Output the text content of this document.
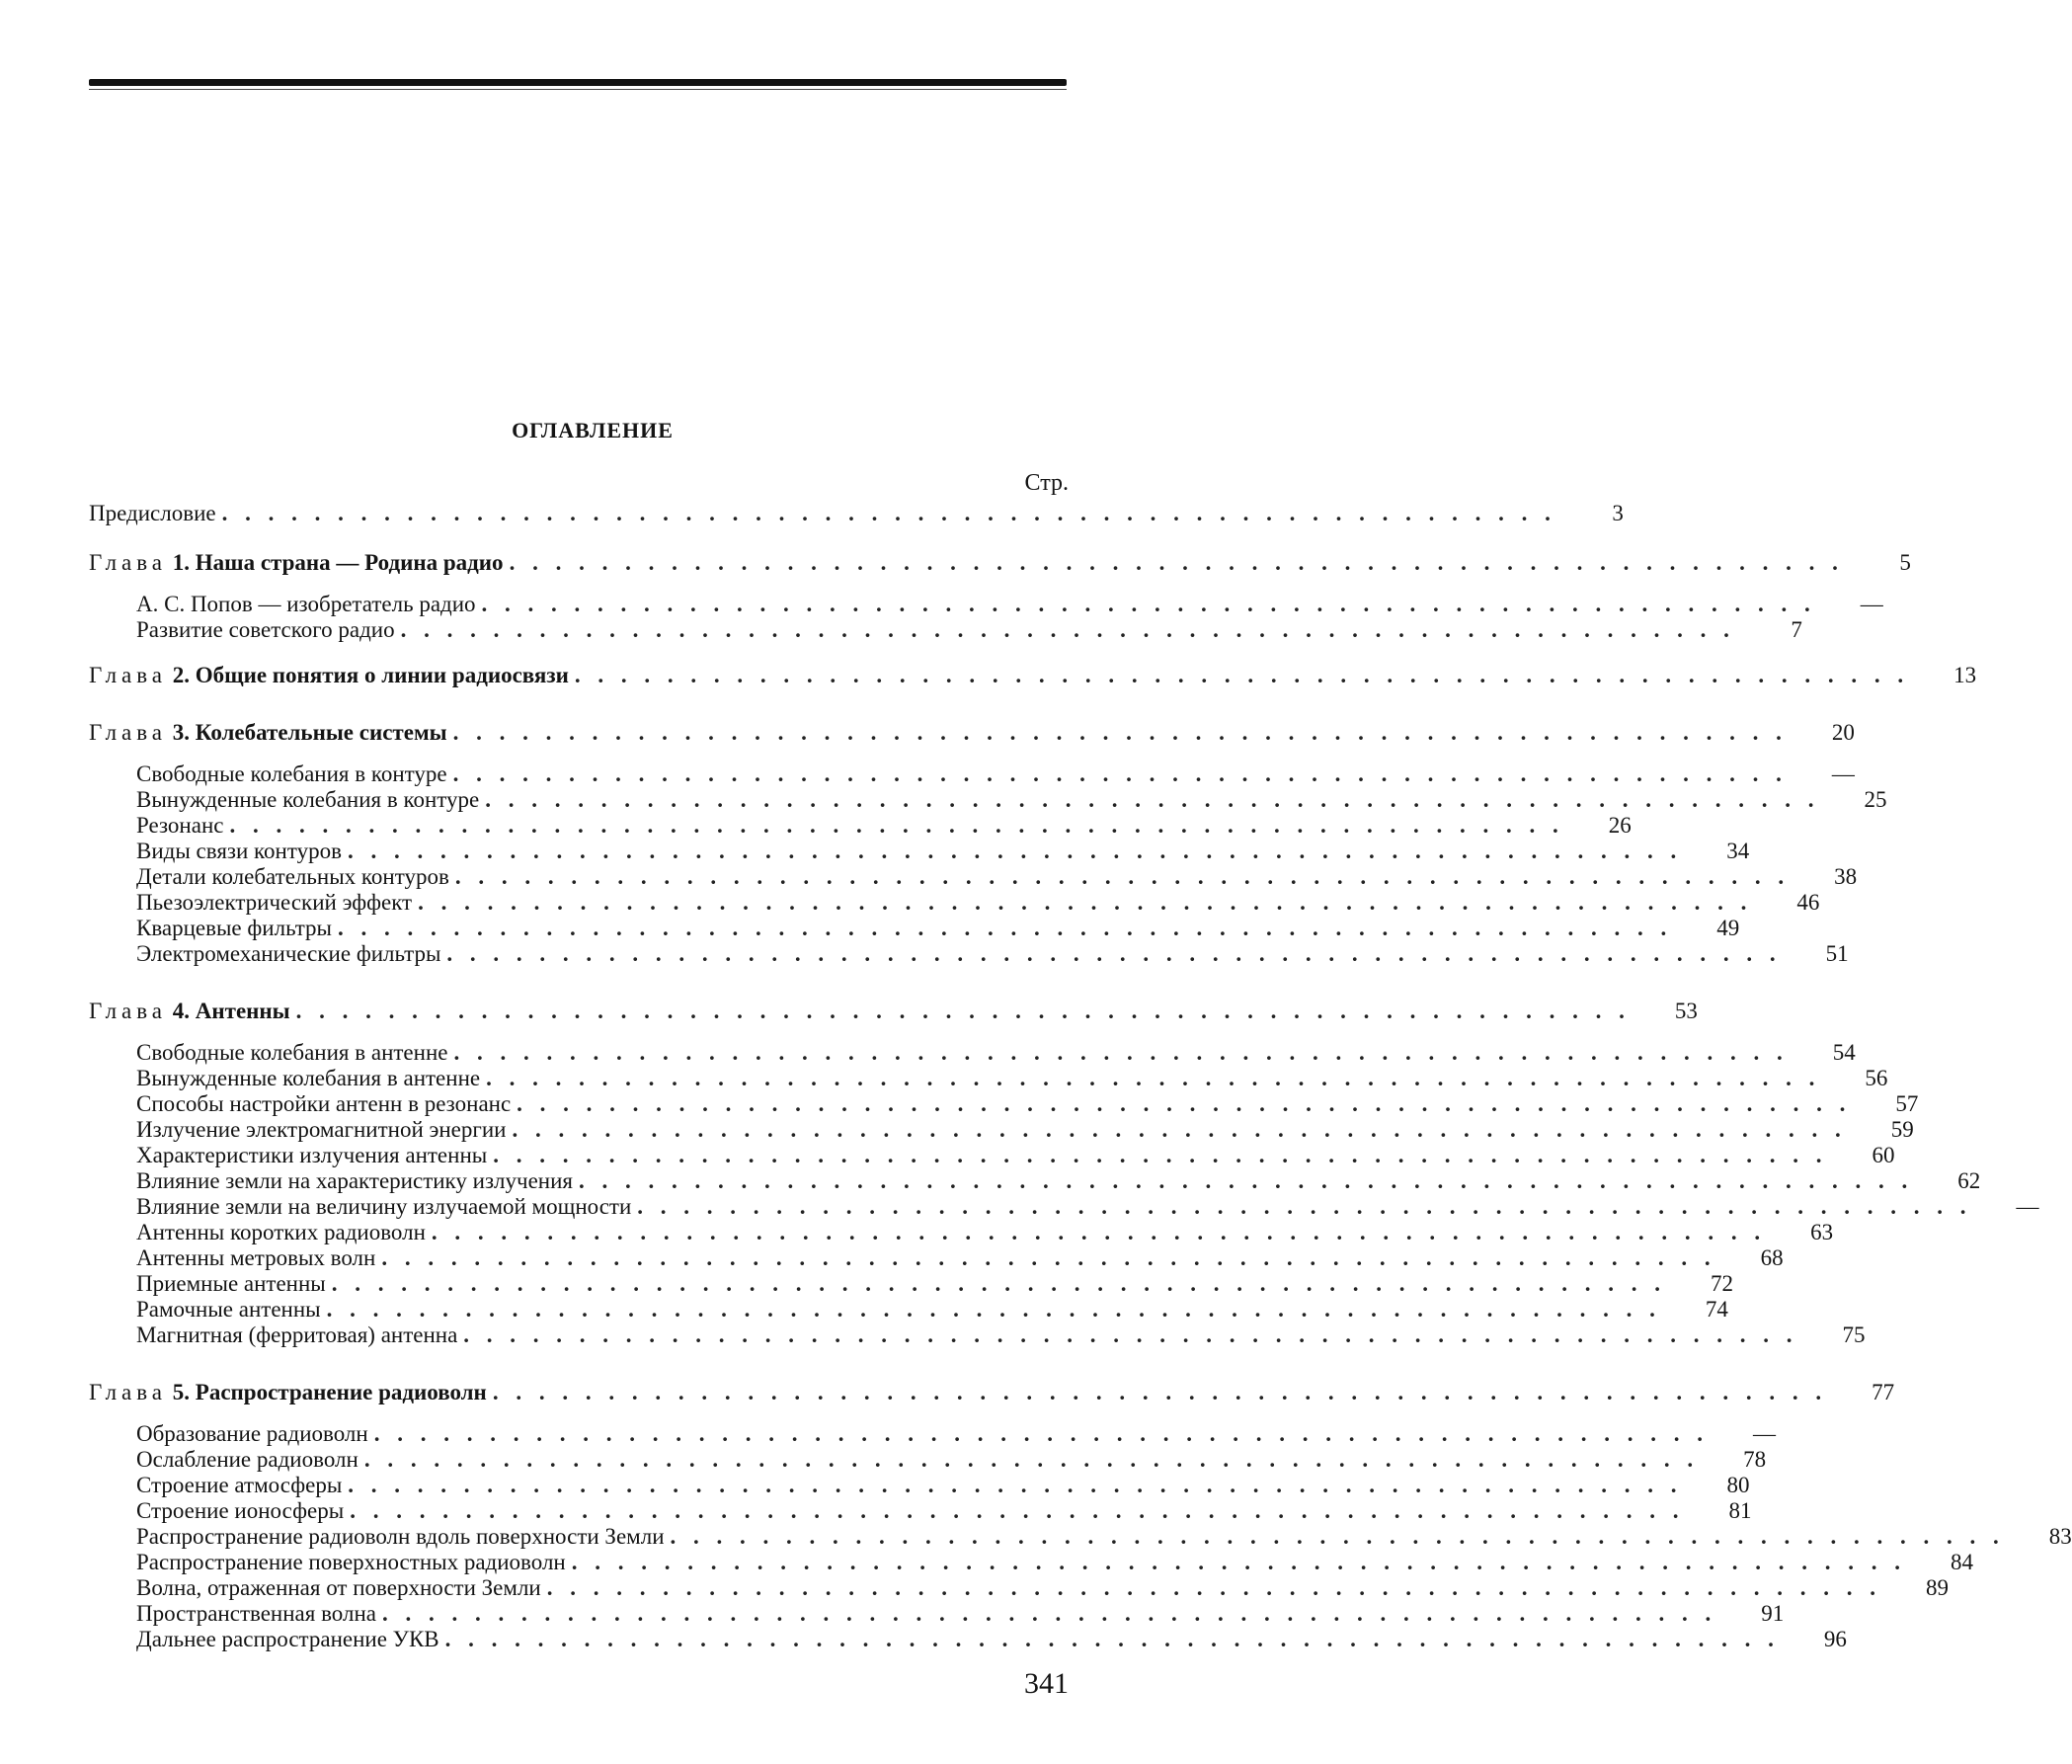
ОГЛАВЛЕНИЕ
Стр.
Предисловие . . . . . . . . . . . . . . . . . . . . . . . . . . . . . . . . . . . . . . . . . . . . . . . . . . . . . . . . . .	3
Глава 1. Наша страна — Родина радио . . . . . . . . . . . . . . . . . . . . . . . . . . . . . . . . . . . . . . . . . . . . . . . . . . . . . . . . . .	5
А. С. Попов — изобретатель радио . . . . . . . . . . . . . . . . . . . . . . . . . . . . . . . . . . . . . . . . . . . . . . . . . . . . . . . . . .	—
Развитие советского радио . . . . . . . . . . . . . . . . . . . . . . . . . . . . . . . . . . . . . . . . . . . . . . . . . . . . . . . . . .	7
Глава 2. Общие понятия о линии радиосвязи . . . . . . . . . . . . . . . . . . . . . . . . . . . . . . . . . . . . . . . . . . . . . . . . . . . . . . . . . .	13
Глава 3. Колебательные системы . . . . . . . . . . . . . . . . . . . . . . . . . . . . . . . . . . . . . . . . . . . . . . . . . . . . . . . . . .	20
Свободные колебания в контуре . . . . . . . . . . . . . . . . . . . . . . . . . . . . . . . . . . . . . . . . . . . . . . . . . . . . . . . . . .	—
Вынужденные колебания в контуре . . . . . . . . . . . . . . . . . . . . . . . . . . . . . . . . . . . . . . . . . . . . . . . . . . . . . . . . . .	25
Резонанс . . . . . . . . . . . . . . . . . . . . . . . . . . . . . . . . . . . . . . . . . . . . . . . . . . . . . . . . . .	26
Виды связи контуров . . . . . . . . . . . . . . . . . . . . . . . . . . . . . . . . . . . . . . . . . . . . . . . . . . . . . . . . . .	34
Детали колебательных контуров . . . . . . . . . . . . . . . . . . . . . . . . . . . . . . . . . . . . . . . . . . . . . . . . . . . . . . . . . .	38
Пьезоэлектрический эффект . . . . . . . . . . . . . . . . . . . . . . . . . . . . . . . . . . . . . . . . . . . . . . . . . . . . . . . . . .	46
Кварцевые фильтры . . . . . . . . . . . . . . . . . . . . . . . . . . . . . . . . . . . . . . . . . . . . . . . . . . . . . . . . . .	49
Электромеханические фильтры . . . . . . . . . . . . . . . . . . . . . . . . . . . . . . . . . . . . . . . . . . . . . . . . . . . . . . . . . .	51
Глава 4. Антенны . . . . . . . . . . . . . . . . . . . . . . . . . . . . . . . . . . . . . . . . . . . . . . . . . . . . . . . . . .	53
Свободные колебания в антенне . . . . . . . . . . . . . . . . . . . . . . . . . . . . . . . . . . . . . . . . . . . . . . . . . . . . . . . . . .	54
Вынужденные колебания в антенне . . . . . . . . . . . . . . . . . . . . . . . . . . . . . . . . . . . . . . . . . . . . . . . . . . . . . . . . . .	56
Способы настройки антенн в резонанс . . . . . . . . . . . . . . . . . . . . . . . . . . . . . . . . . . . . . . . . . . . . . . . . . . . . . . . . . .	57
Излучение электромагнитной энергии . . . . . . . . . . . . . . . . . . . . . . . . . . . . . . . . . . . . . . . . . . . . . . . . . . . . . . . . . .	59
Характеристики излучения антенны . . . . . . . . . . . . . . . . . . . . . . . . . . . . . . . . . . . . . . . . . . . . . . . . . . . . . . . . . .	60
Влияние земли на характеристику излучения . . . . . . . . . . . . . . . . . . . . . . . . . . . . . . . . . . . . . . . . . . . . . . . . . . . . . . . . . .	62
Влияние земли на величину излучаемой мощности . . . . . . . . . . . . . . . . . . . . . . . . . . . . . . . . . . . . . . . . . . . . . . . . . . . . . . . . . .	—
Антенны коротких радиоволн . . . . . . . . . . . . . . . . . . . . . . . . . . . . . . . . . . . . . . . . . . . . . . . . . . . . . . . . . .	63
Антенны метровых волн . . . . . . . . . . . . . . . . . . . . . . . . . . . . . . . . . . . . . . . . . . . . . . . . . . . . . . . . . .	68
Приемные антенны . . . . . . . . . . . . . . . . . . . . . . . . . . . . . . . . . . . . . . . . . . . . . . . . . . . . . . . . . .	72
Рамочные антенны . . . . . . . . . . . . . . . . . . . . . . . . . . . . . . . . . . . . . . . . . . . . . . . . . . . . . . . . . .	74
Магнитная (ферритовая) антенна . . . . . . . . . . . . . . . . . . . . . . . . . . . . . . . . . . . . . . . . . . . . . . . . . . . . . . . . . .	75
Глава 5. Распространение радиоволн . . . . . . . . . . . . . . . . . . . . . . . . . . . . . . . . . . . . . . . . . . . . . . . . . . . . . . . . . .	77
Образование радиоволн . . . . . . . . . . . . . . . . . . . . . . . . . . . . . . . . . . . . . . . . . . . . . . . . . . . . . . . . . .	—
Ослабление радиоволн . . . . . . . . . . . . . . . . . . . . . . . . . . . . . . . . . . . . . . . . . . . . . . . . . . . . . . . . . .	78
Строение атмосферы . . . . . . . . . . . . . . . . . . . . . . . . . . . . . . . . . . . . . . . . . . . . . . . . . . . . . . . . . .	80
Строение ионосферы . . . . . . . . . . . . . . . . . . . . . . . . . . . . . . . . . . . . . . . . . . . . . . . . . . . . . . . . . .	81
Распространение радиоволн вдоль поверхности Земли . . . . . . . . . . . . . . . . . . . . . . . . . . . . . . . . . . . . . . . . . . . . . . . . . . . . . . . . . .	83
Распространение поверхностных радиоволн . . . . . . . . . . . . . . . . . . . . . . . . . . . . . . . . . . . . . . . . . . . . . . . . . . . . . . . . . .	84
Волна, отраженная от поверхности Земли . . . . . . . . . . . . . . . . . . . . . . . . . . . . . . . . . . . . . . . . . . . . . . . . . . . . . . . . . .	89
Пространственная волна . . . . . . . . . . . . . . . . . . . . . . . . . . . . . . . . . . . . . . . . . . . . . . . . . . . . . . . . . .	91
Дальнее распространение УКВ . . . . . . . . . . . . . . . . . . . . . . . . . . . . . . . . . . . . . . . . . . . . . . . . . . . . . . . . . .	96
341
